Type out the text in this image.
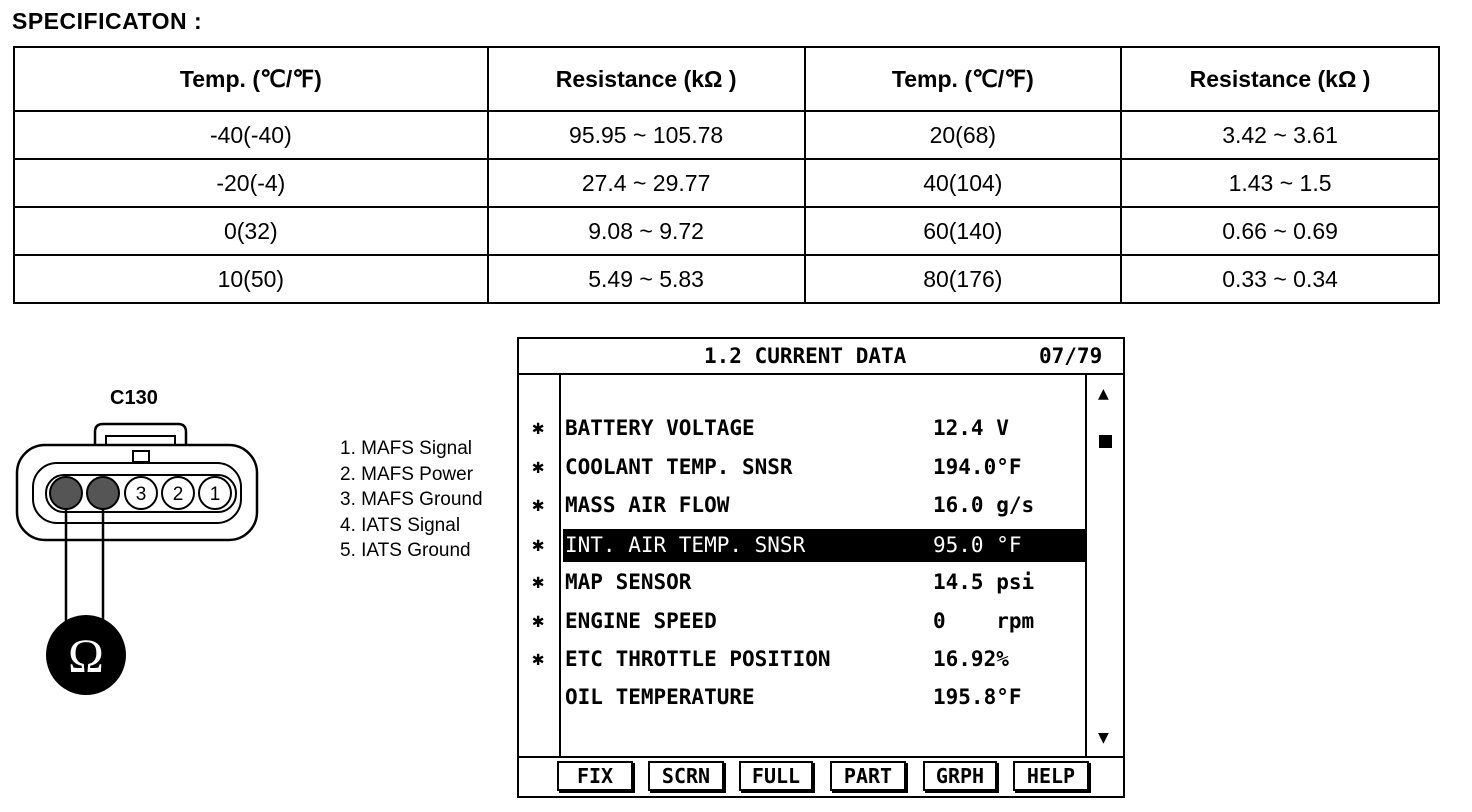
SPECIFICATON :
Temp. (℃/℉)	Resistance (kΩ )	Temp. (℃/℉)	Resistance (kΩ )
-40(-40)	95.95 ~ 105.78	20(68)	3.42 ~ 3.61
-20(-4)	27.4 ~ 29.77	40(104)	1.43 ~ 1.5
0(32)	9.08 ~ 9.72	60(140)	0.66 ~ 0.69
10(50)	5.49 ~ 5.83	80(176)	0.33 ~ 0.34
C130
3 2 1
Ω
1. MAFS Signal
2. MAFS Power
3. MAFS Ground
4. IATS Signal
5. IATS Ground
1.2 CURRENT DATA	07/79
▲
▼
✱ BATTERY VOLTAGE	12.4 V
✱ COOLANT TEMP. SNSR	194.0°F
✱ MASS AIR FLOW	16.0 g/s
✱ INT. AIR TEMP. SNSR	95.0 °F
✱ MAP SENSOR	14.5 psi
✱ ENGINE SPEED	0    rpm
✱ ETC THROTTLE POSITION	16.92%
OIL TEMPERATURE	195.8°F
FIX	SCRN	FULL	PART	GRPH	HELP
